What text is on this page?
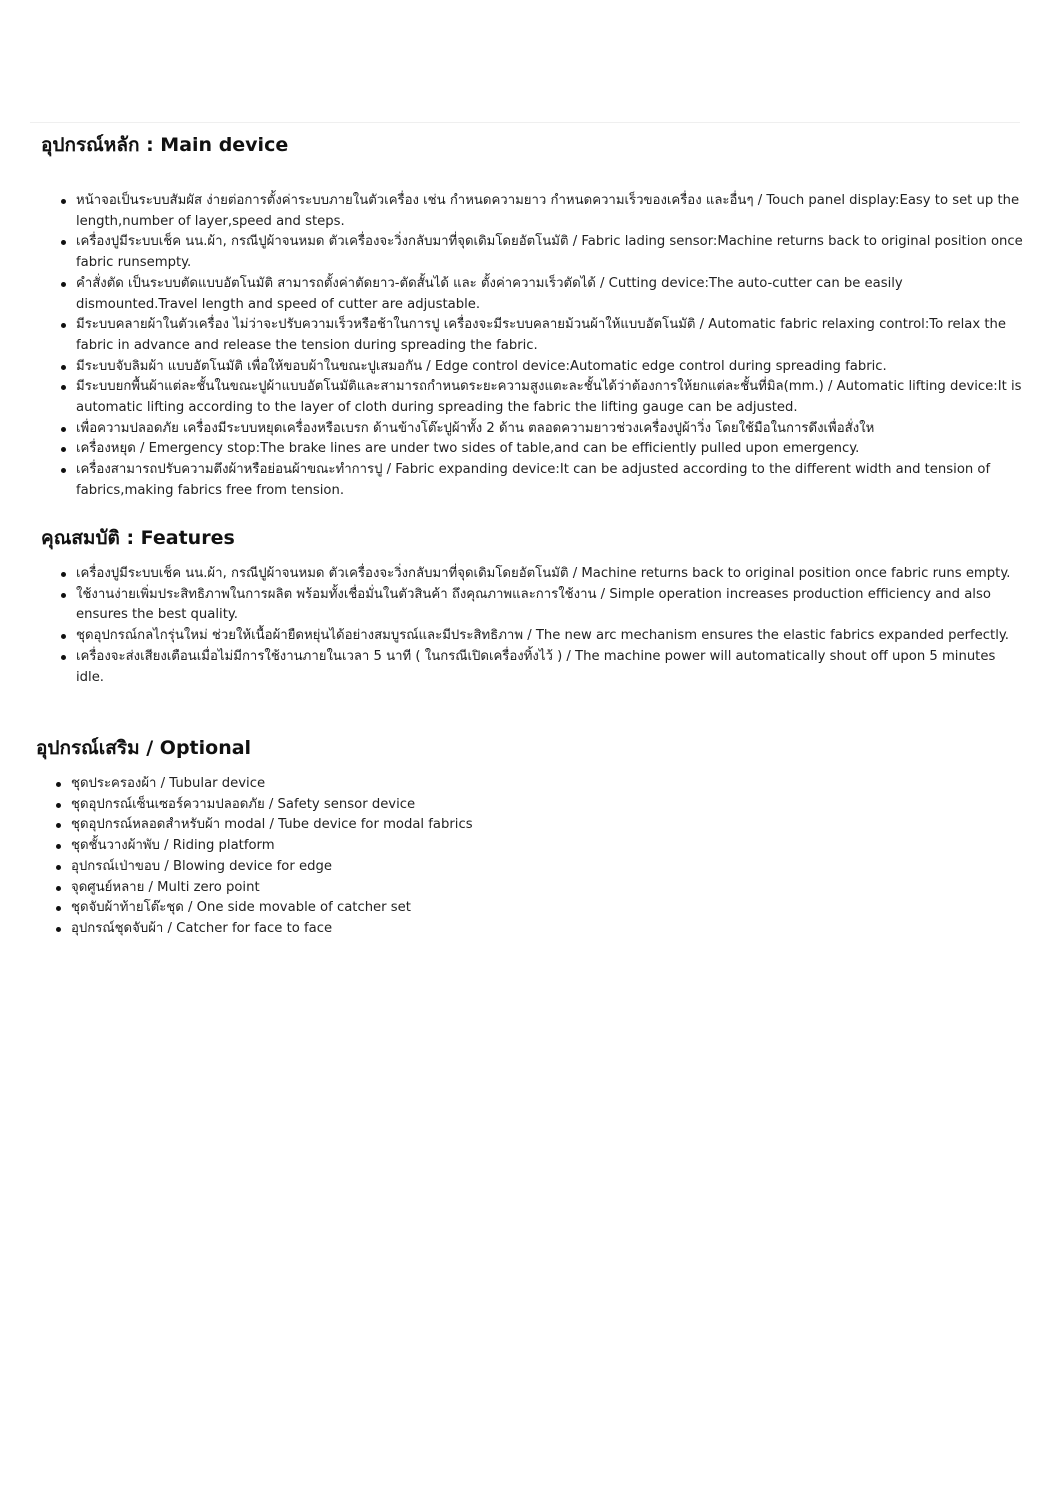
อุปกรณ์หลัก : Main device
หน้าจอเป็นระบบสัมผัส ง่ายต่อการตั้งค่าระบบภายในตัวเครื่อง เช่น กำหนดความยาว กำหนดความเร็วของเครื่อง และอื่นๆ / Touch panel display:Easy to set up the length,number of layer,speed and steps.
เครื่องปูมีระบบเช็ค นน.ผ้า, กรณีปูผ้าจนหมด ตัวเครื่องจะวิ่งกลับมาที่จุดเดิมโดยอัตโนมัติ / Fabric lading sensor:Machine returns back to original position once fabric runsempty.
คำสั่งตัด เป็นระบบตัดแบบอัตโนมัติ สามารถตั้งค่าตัดยาว-ตัดสั้นได้ และ ตั้งค่าความเร็วตัดได้ / Cutting device:The auto-cutter can be easily dismounted.Travel length and speed of cutter are adjustable.
มีระบบคลายผ้าในตัวเครื่อง ไม่ว่าจะปรับความเร็วหรือช้าในการปู เครื่องจะมีระบบคลายม้วนผ้าให้แบบอัตโนมัติ / Automatic fabric relaxing control:To relax the fabric in advance and release the tension during spreading the fabric.
มีระบบจับลิมผ้า แบบอัตโนมัติ เพื่อให้ขอบผ้าในขณะปูเสมอกัน / Edge control device:Automatic edge control during spreading fabric.
มีระบบยกพื้นผ้าแต่ละชั้นในขณะปูผ้าแบบอัตโนมัติและสามารถกำหนดระยะความสูงแตะละชั้นได้ว่าต้องการให้ยกแต่ละชั้นที่มิล(mm.) / Automatic lifting device:It is automatic lifting according to the layer of cloth during spreading the fabric the lifting gauge can be adjusted.
เพื่อความปลอดภัย เครื่องมีระบบหยุดเครื่องหรือเบรก ด้านข้างโต๊ะปูผ้าทั้ง 2 ด้าน ตลอดความยาวช่วงเครื่องปูผ้าวิ่ง โดยใช้มือในการดึงเพื่อสั่งให
เครื่องหยุด / Emergency stop:The brake lines are under two sides of table,and can be efficiently pulled upon emergency.
เครื่องสามารถปรับความตึงผ้าหรือย่อนผ้าขณะทำการปู / Fabric expanding device:It can be adjusted according to the different width and tension of fabrics,making fabrics free from tension.
คุณสมบัติ : Features
เครื่องปูมีระบบเช็ค นน.ผ้า, กรณีปูผ้าจนหมด ตัวเครื่องจะวิ่งกลับมาที่จุดเดิมโดยอัตโนมัติ / Machine returns back to original position once fabric runs empty.
ใช้งานง่ายเพิ่มประสิทธิภาพในการผลิต พร้อมทั้งเชื่อมั่นในตัวสินค้า ถึงคุณภาพและการใช้งาน / Simple operation increases production efficiency and also ensures the best quality.
ชุดอุปกรณ์กลไกรุ่นใหม่ ช่วยให้เนื้อผ้ายืดหยุ่นได้อย่างสมบูรณ์และมีประสิทธิภาพ / The new arc mechanism ensures the elastic fabrics expanded perfectly.
เครื่องจะส่งเสียงเตือนเมื่อไม่มีการใช้งานภายในเวลา 5 นาที ( ในกรณีเปิดเครื่องทิ้งไว้ ) / The machine power will automatically shout off upon 5 minutes idle.
อุปกรณ์เสริม / Optional
ชุดประครองผ้า / Tubular device
ชุดอุปกรณ์เซ็นเซอร์ความปลอดภัย / Safety sensor device
ชุดอุปกรณ์หลอดสำหรับผ้า modal / Tube device for modal fabrics
ชุดชั้นวางผ้าพับ / Riding platform
อุปกรณ์เป่าขอบ / Blowing device for edge
จุดศูนย์หลาย / Multi zero point
ชุดจับผ้าท้ายโต๊ะชุด / One side movable of catcher set
อุปกรณ์ชุดจับผ้า / Catcher for face to face
